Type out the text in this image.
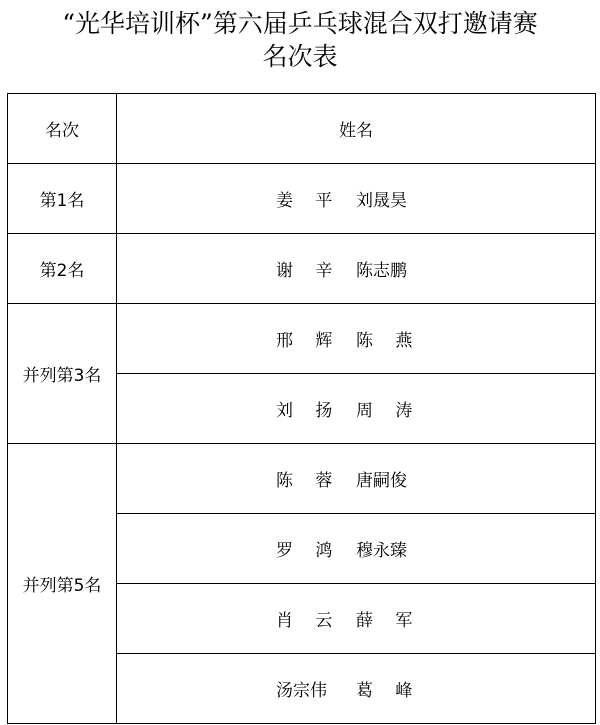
“光华培训杯”第六届乒乓球混合双打邀请赛
名次表
名次	姓名
第1名	姜  平 刘晟昊
第2名	谢  辛 陈志鹏
并列第3名	邢  辉 陈  燕
	刘  扬 周  涛
并列第5名	陈  蓉 唐嗣俊
	罗  鸿 穆永臻
	肖  云 薛  军
	汤宗伟 葛  峰
